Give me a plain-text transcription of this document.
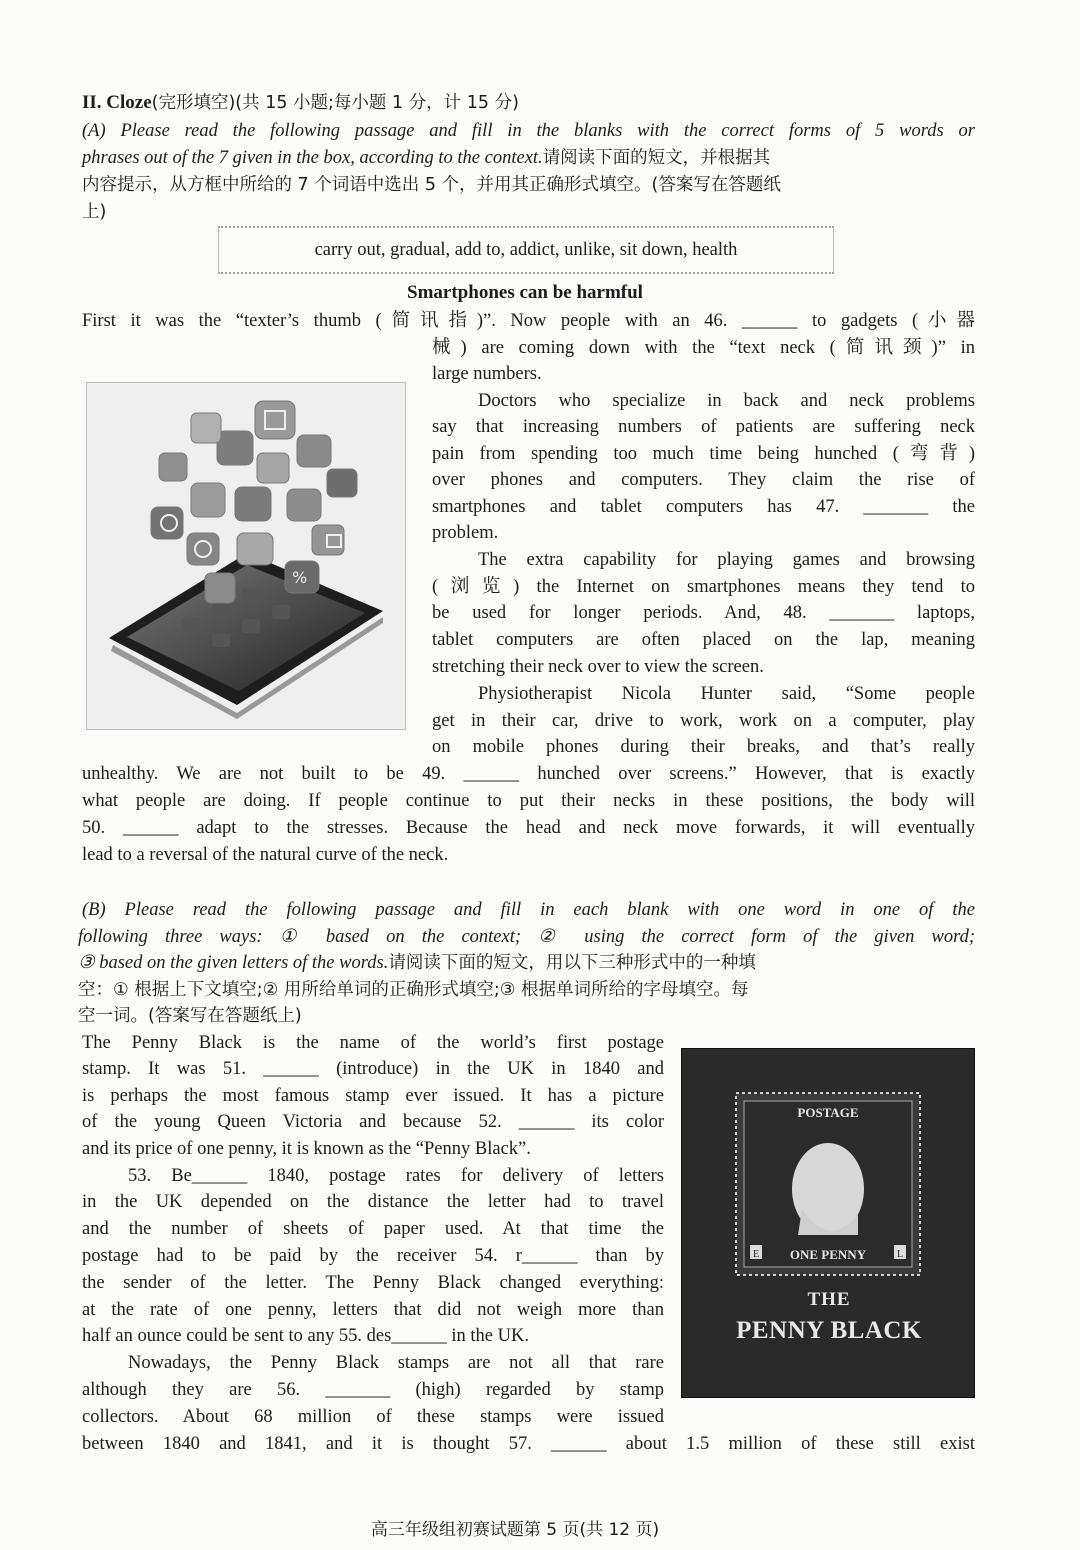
II. Cloze(完形填空)(共 15 小题;每小题 1 分，计 15 分)
(A) Please read the following passage and fill in the blanks with the correct forms of 5 words or
phrases out of the 7 given in the box, according to the context.请阅读下面的短文，并根据其
内容提示，从方框中所给的 7 个词语中选出 5 个，并用其正确形式填空。(答案写在答题纸
上)
carry out, gradual, add to, addict, unlike, sit down, health
Smartphones can be harmful
First it was the “texter’s thumb (简讯指)”. Now people with an 46. ______ to gadgets (小器
械) are coming down with the “text neck (简讯颈)” in
large numbers.
Doctors who specialize in back and neck problems
say that increasing numbers of patients are suffering neck
pain from spending too much time being hunched (弯背)
over phones and computers. They claim the rise of
smartphones and tablet computers has 47. _______ the
problem.
The extra capability for playing games and browsing
(浏览) the Internet on smartphones means they tend to
be used for longer periods. And, 48. _______ laptops,
tablet computers are often placed on the lap, meaning
stretching their neck over to view the screen.
Physiotherapist Nicola Hunter said, “Some people
get in their car, drive to work, work on a computer, play
on mobile phones during their breaks, and that’s really
unhealthy. We are not built to be 49. ______ hunched over screens.” However, that is exactly
what people are doing. If people continue to put their necks in these positions, the body will
50. ______ adapt to the stresses. Because the head and neck move forwards, it will eventually
lead to a reversal of the natural curve of the neck.
%
(B) Please read the following passage and fill in each blank with one word in one of the
following three ways: ① based on the context; ② using the correct form of the given word;
③ based on the given letters of the words.请阅读下面的短文，用以下三种形式中的一种填
空：① 根据上下文填空;② 用所给单词的正确形式填空;③ 根据单词所给的字母填空。每
空一词。(答案写在答题纸上)
The Penny Black is the name of the world’s first postage
stamp. It was 51. ______ (introduce) in the UK in 1840 and
is perhaps the most famous stamp ever issued. It has a picture
of the young Queen Victoria and because 52. ______ its color
and its price of one penny, it is known as the “Penny Black”.
53. Be______ 1840, postage rates for delivery of letters
in the UK depended on the distance the letter had to travel
and the number of sheets of paper used. At that time the
postage had to be paid by the receiver 54. r______ than by
the sender of the letter. The Penny Black changed everything:
at the rate of one penny, letters that did not weigh more than
half an ounce could be sent to any 55. des______ in the UK.
Nowadays, the Penny Black stamps are not all that rare
although they are 56. _______ (high) regarded by stamp
collectors. About 68 million of these stamps were issued
between 1840 and 1841, and it is thought 57. ______ about 1.5 million of these still exist
POSTAGE
ONE PENNY
E	L
THE
PENNY BLACK
高三年级组初赛试题第 5 页(共 12 页)
